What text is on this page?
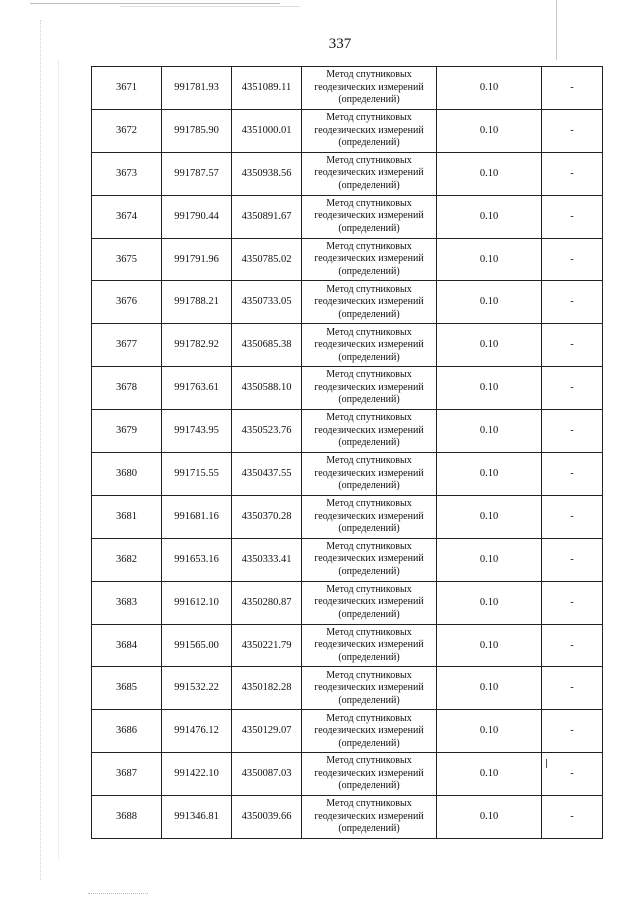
337
3671	991781.93	4351089.11	Метод спутниковых
геодезических измерений
(определений)	0.10	-
3672	991785.90	4351000.01	Метод спутниковых
геодезических измерений
(определений)	0.10	-
3673	991787.57	4350938.56	Метод спутниковых
геодезических измерений
(определений)	0.10	-
3674	991790.44	4350891.67	Метод спутниковых
геодезических измерений
(определений)	0.10	-
3675	991791.96	4350785.02	Метод спутниковых
геодезических измерений
(определений)	0.10	-
3676	991788.21	4350733.05	Метод спутниковых
геодезических измерений
(определений)	0.10	-
3677	991782.92	4350685.38	Метод спутниковых
геодезических измерений
(определений)	0.10	-
3678	991763.61	4350588.10	Метод спутниковых
геодезических измерений
(определений)	0.10	-
3679	991743.95	4350523.76	Метод спутниковых
геодезических измерений
(определений)	0.10	-
3680	991715.55	4350437.55	Метод спутниковых
геодезических измерений
(определений)	0.10	-
3681	991681.16	4350370.28	Метод спутниковых
геодезических измерений
(определений)	0.10	-
3682	991653.16	4350333.41	Метод спутниковых
геодезических измерений
(определений)	0.10	-
3683	991612.10	4350280.87	Метод спутниковых
геодезических измерений
(определений)	0.10	-
3684	991565.00	4350221.79	Метод спутниковых
геодезических измерений
(определений)	0.10	-
3685	991532.22	4350182.28	Метод спутниковых
геодезических измерений
(определений)	0.10	-
3686	991476.12	4350129.07	Метод спутниковых
геодезических измерений
(определений)	0.10	-
3687	991422.10	4350087.03	Метод спутниковых
геодезических измерений
(определений)	0.10	-
3688	991346.81	4350039.66	Метод спутниковых
геодезических измерений
(определений)	0.10	-
